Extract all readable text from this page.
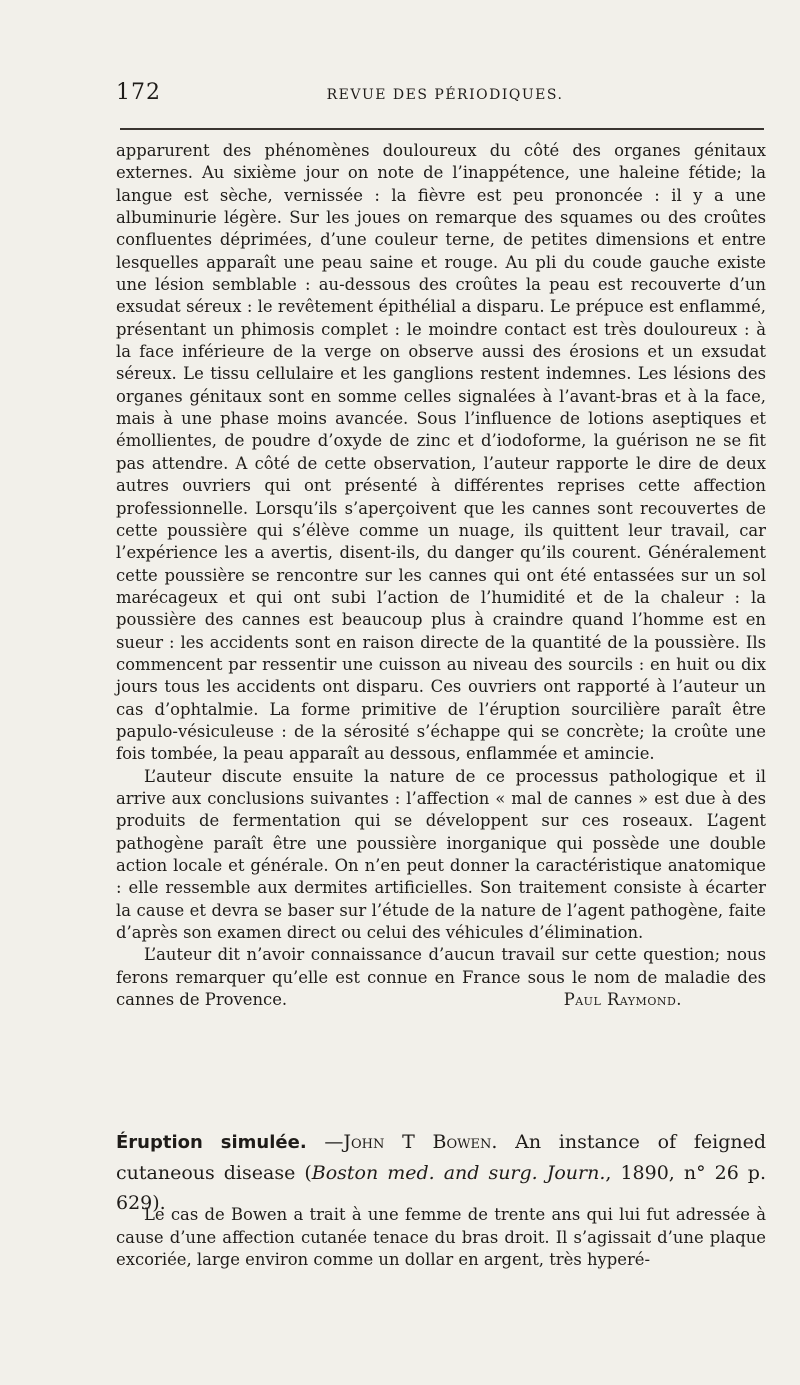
172	REVUE DES PÉRIODIQUES.

apparurent des phénomènes douloureux du côté des organes génitaux externes. Au sixième jour on note de l’inappétence, une haleine fétide; la langue est sèche, vernissée : la fièvre est peu prononcée : il y a une albuminurie légère. Sur les joues on remarque des squames ou des croûtes confluentes déprimées, d’une couleur terne, de petites dimensions et entre lesquelles apparaît une peau saine et rouge. Au pli du coude gauche existe une lésion semblable : au-dessous des croûtes la peau est recouverte d’un exsudat séreux : le revêtement épithélial a disparu. Le prépuce est enflammé, présentant un phimosis complet : le moindre contact est très douloureux : à la face inférieure de la verge on observe aussi des érosions et un exsudat séreux. Le tissu cellulaire et les ganglions restent indemnes. Les lésions des organes génitaux sont en somme celles signalées à l’avant-bras et à la face, mais à une phase moins avancée. Sous l’influence de lotions aseptiques et émollientes, de poudre d’oxyde de zinc et d’iodoforme, la guérison ne se fit pas attendre. A côté de cette observation, l’auteur rapporte le dire de deux autres ouvriers qui ont présenté à différentes reprises cette affection professionnelle. Lorsqu’ils s’aperçoivent que les cannes sont recouvertes de cette poussière qui s’élève comme un nuage, ils quittent leur travail, car l’expérience les a avertis, disent-ils, du danger qu’ils courent. Généralement cette poussière se rencontre sur les cannes qui ont été entassées sur un sol marécageux et qui ont subi l’action de l’humidité et de la chaleur : la poussière des cannes est beaucoup plus à craindre quand l’homme est en sueur : les accidents sont en raison directe de la quantité de la poussière. Ils commencent par ressentir une cuisson au niveau des sourcils : en huit ou dix jours tous les accidents ont disparu. Ces ouvriers ont rapporté à l’auteur un cas d’ophtalmie. La forme primitive de l’éruption sourcilière paraît être papulo-vésiculeuse : de la sérosité s’échappe qui se concrète; la croûte une fois tombée, la peau apparaît au dessous, enflammée et amincie.

L’auteur discute ensuite la nature de ce processus pathologique et il arrive aux conclusions suivantes : l’affection « mal de cannes » est due à des produits de fermentation qui se développent sur ces roseaux. L’agent pathogène paraît être une poussière inorganique qui possède une double action locale et générale. On n’en peut donner la caractéristique anatomique : elle ressemble aux dermites artificielles. Son traitement consiste à écarter la cause et devra se baser sur l’étude de la nature de l’agent pathogène, faite d’après son examen direct ou celui des véhicules d’élimination.

L’auteur dit n’avoir connaissance d’aucun travail sur cette question; nous ferons remarquer qu’elle est connue en France sous le nom de maladie des cannes de Provence.	Paul Raymond.

Éruption simulée. —John T Bowen. An instance of feigned cutaneous disease (Boston med. and surg. Journ., 1890, n° 26 p. 629).

Le cas de Bowen a trait à une femme de trente ans qui lui fut adressée à cause d’une affection cutanée tenace du bras droit. Il s’agissait d’une plaque excoriée, large environ comme un dollar en argent, très hyperé-
